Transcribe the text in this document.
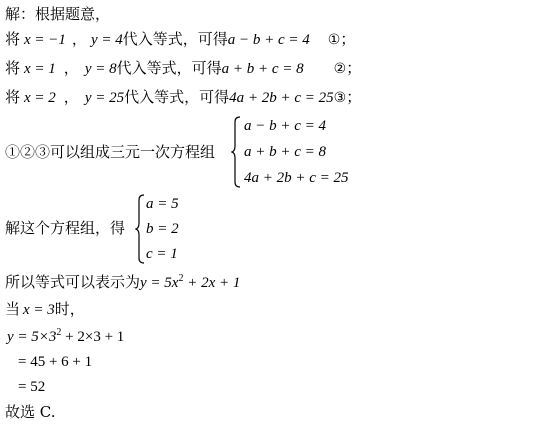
解：根据题意，
将 x = −1 ， y = 4代入等式，可得a − b + c = 4 ①；
将 x = 1 ， y = 8代入等式，可得a + b + c = 8 ②；
将 x = 2 ， y = 25代入等式，可得4a + 2b + c = 25③；
①②③可以组成三元一次方程组
a − b + c = 4
a + b + c = 8
4a + 2b + c = 25
解这个方程组，得
a = 5
b = 2
c = 1
所以等式可以表示为$y = 5x^2 + 2x + 1$
当 x = 3时，
$y = 5\times 3^2 + 2\times 3 + 1$
= 45 + 6 + 1
= 52
故选 C.
